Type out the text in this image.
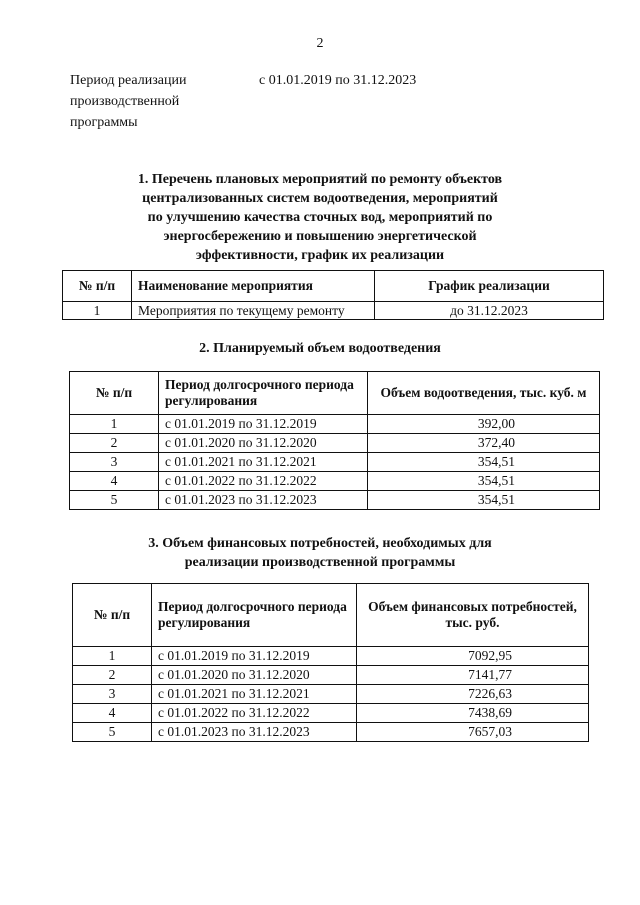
2
Период реализации
производственной
программы
с 01.01.2019 по 31.12.2023
1. Перечень плановых мероприятий по ремонту объектов
централизованных систем водоотведения, мероприятий
по улучшению качества сточных вод, мероприятий по
энергосбережению и повышению энергетической
эффективности, график их реализации
№ п/п	Наименование мероприятия	График реализации
1	Мероприятия по текущему ремонту	до 31.12.2023
2. Планируемый объем водоотведения
№ п/п	Период долгосрочного периода регулирования	Объем водоотведения, тыс. куб. м
1	с 01.01.2019 по 31.12.2019	392,00
2	с 01.01.2020 по 31.12.2020	372,40
3	с 01.01.2021 по 31.12.2021	354,51
4	с 01.01.2022 по 31.12.2022	354,51
5	с 01.01.2023 по 31.12.2023	354,51
3. Объем финансовых потребностей, необходимых для
реализации производственной программы
№ п/п	Период долгосрочного периода регулирования	Объем финансовых потребностей, тыс. руб.
1	с 01.01.2019 по 31.12.2019	7092,95
2	с 01.01.2020 по 31.12.2020	7141,77
3	с 01.01.2021 по 31.12.2021	7226,63
4	с 01.01.2022 по 31.12.2022	7438,69
5	с 01.01.2023 по 31.12.2023	7657,03
